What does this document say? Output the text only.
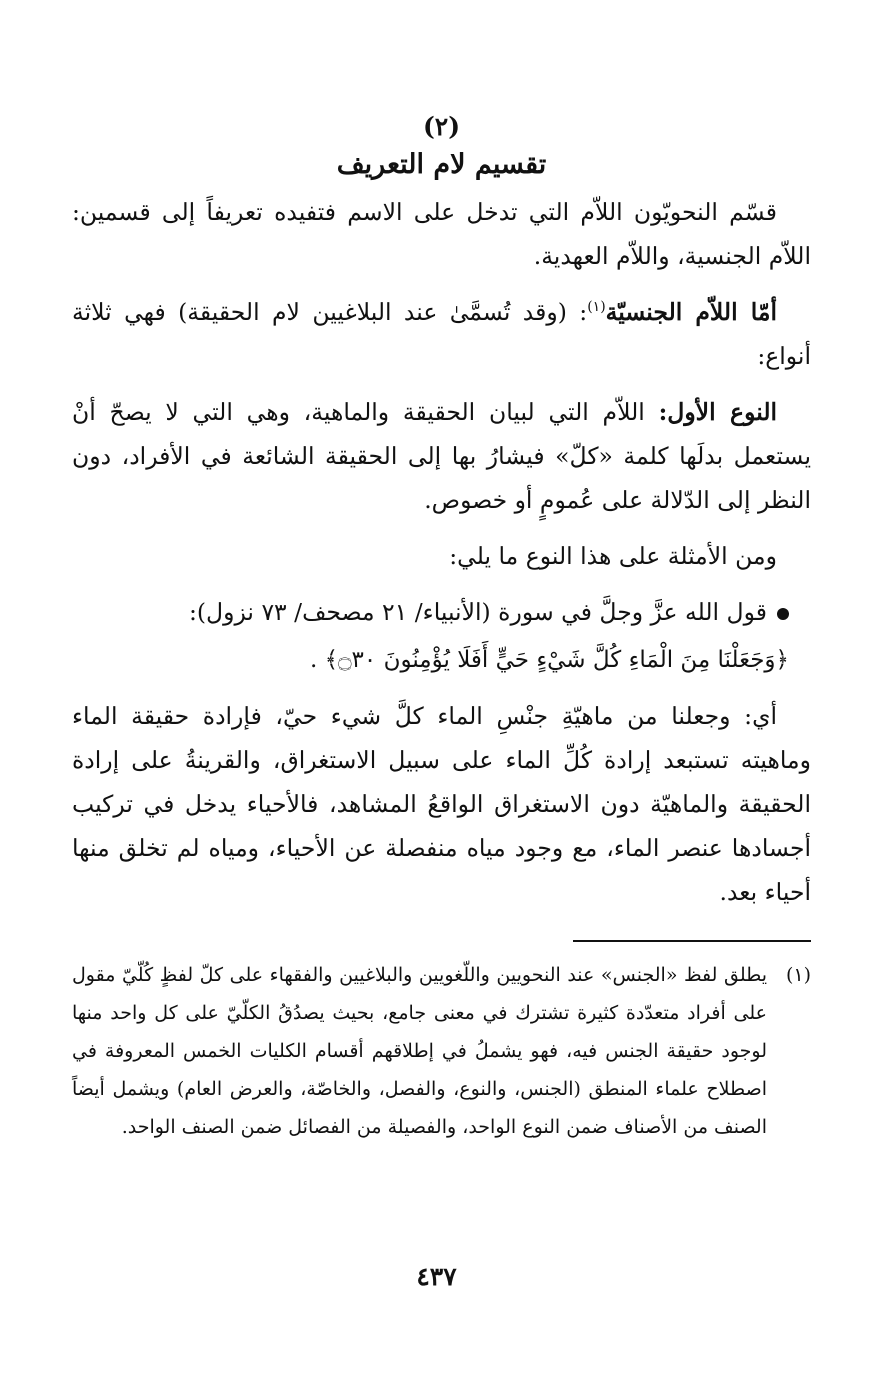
(٢)
تقسيم لام التعريف

قسّم النحويّون اللاّم التي تدخل على الاسم فتفيده تعريفاً إلى قسمين: اللاّم الجنسية، واللاّم العهدية.

أمّا اللاّم الجنسيّة$^{(١)}$: (وقد تُسمَّىٰ عند البلاغيين لام الحقيقة) فهي ثلاثة أنواع:

النوع الأول: اللاّم التي لبيان الحقيقة والماهية، وهي التي لا يصحّ أنْ يستعمل بدلَها كلمة «كلّ» فيشارُ بها إلى الحقيقة الشائعة في الأفراد، دون النظر إلى الدّلالة على عُمومٍ أو خصوص.

ومن الأمثلة على هذا النوع ما يلي:

قول الله عزَّ وجلَّ في سورة (الأنبياء/ ٢١ مصحف/ ٧٣ نزول):

﴿وَجَعَلْنَا مِنَ الْمَاءِ كُلَّ شَيْءٍ حَيٍّ أَفَلَا يُؤْمِنُونَ ۝٣٠﴾ .

أي: وجعلنا من ماهيّةِ جنْسِ الماء كلَّ شيء حيّ، فإرادة حقيقة الماء وماهيته تستبعد إرادة كُلِّ الماء على سبيل الاستغراق، والقرينةُ على إرادة الحقيقة والماهيّة دون الاستغراق الواقعُ المشاهد، فالأحياء يدخل في تركيب أجسادها عنصر الماء، مع وجود مياه منفصلة عن الأحياء، ومياه لم تخلق منها أحياء بعد.

(١)
يطلق لفظ «الجنس» عند النحويين واللّغويين والبلاغيين والفقهاء على كلّ لفظٍ كُلّيّ مقول على أفراد متعدّدة كثيرة تشترك في معنى جامع، بحيث يصدُقُ الكلّيّ على كل واحد منها لوجود حقيقة الجنس فيه، فهو يشملُ في إطلاقهم أقسام الكليات الخمس المعروفة في اصطلاح علماء المنطق (الجنس، والنوع، والفصل، والخاصّة، والعرض العام) ويشمل أيضاً الصنف من الأصناف ضمن النوع الواحد، والفصيلة من الفصائل ضمن الصنف الواحد.
٤٣٧
